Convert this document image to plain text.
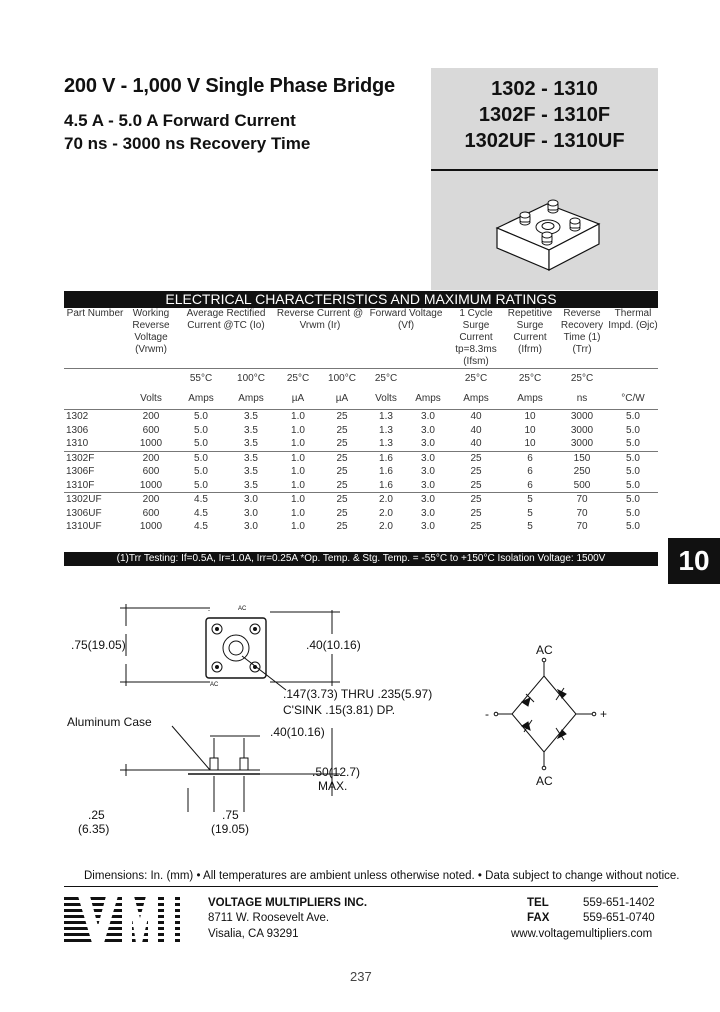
200 V - 1,000 V Single Phase Bridge
4.5 A - 5.0 A Forward Current
70 ns - 3000 ns Recovery Time
1302 - 1310
1302F - 1310F
1302UF - 1310UF
ELECTRICAL CHARACTERISTICS AND MAXIMUM RATINGS
Part Number	Working Reverse Voltage (Vrwm)	Average Rectified Current @TC (Io)		Reverse Current @ Vrwm (Ir)		Forward Voltage (Vf)		1 Cycle Surge Current tp=8.3ms (Ifsm)	Repetitive Surge Current (Ifrm)	Reverse Recovery Time (1) (Trr)	Thermal Impd. (Θjc)
		55°C	100°C	25°C	100°C	25°C		25°C	25°C	25°C	
	Volts	Amps	Amps	µA	µA	Volts	Amps	Amps	Amps	ns	°C/W
1302	200	5.0	3.5	1.0	25	1.3	3.0	40	10	3000	5.0
1306	600	5.0	3.5	1.0	25	1.3	3.0	40	10	3000	5.0
1310	1000	5.0	3.5	1.0	25	1.3	3.0	40	10	3000	5.0
1302F	200	5.0	3.5	1.0	25	1.6	3.0	25	6	150	5.0
1306F	600	5.0	3.5	1.0	25	1.6	3.0	25	6	250	5.0
1310F	1000	5.0	3.5	1.0	25	1.6	3.0	25	6	500	5.0
1302UF	200	4.5	3.0	1.0	25	2.0	3.0	25	5	70	5.0
1306UF	600	4.5	3.0	1.0	25	2.0	3.0	25	5	70	5.0
1310UF	1000	4.5	3.0	1.0	25	2.0	3.0	25	5	70	5.0
(1)Trr Testing: If=0.5A, Ir=1.0A, Irr=0.25A *Op. Temp. & Stg. Temp. = -55°C to +150°C Isolation Voltage: 1500V	10
-	AC
AC
.75(19.05)	.40(10.16)
.147(3.73) THRU .235(5.97)
C'SINK .15(3.81) DP.
Aluminum Case
.40(10.16)
.50(12.7)
MAX.
.25
(6.35)
.75
(19.05)
AC
AC
-	+
Dimensions: In. (mm) • All temperatures are ambient unless otherwise noted. • Data subject to change without notice.
VOLTAGE MULTIPLIERS INC.
8711 W. Roosevelt Ave.
Visalia, CA 93291
TEL	559-651-1402
FAX	559-651-0740
www.voltagemultipliers.com
237
